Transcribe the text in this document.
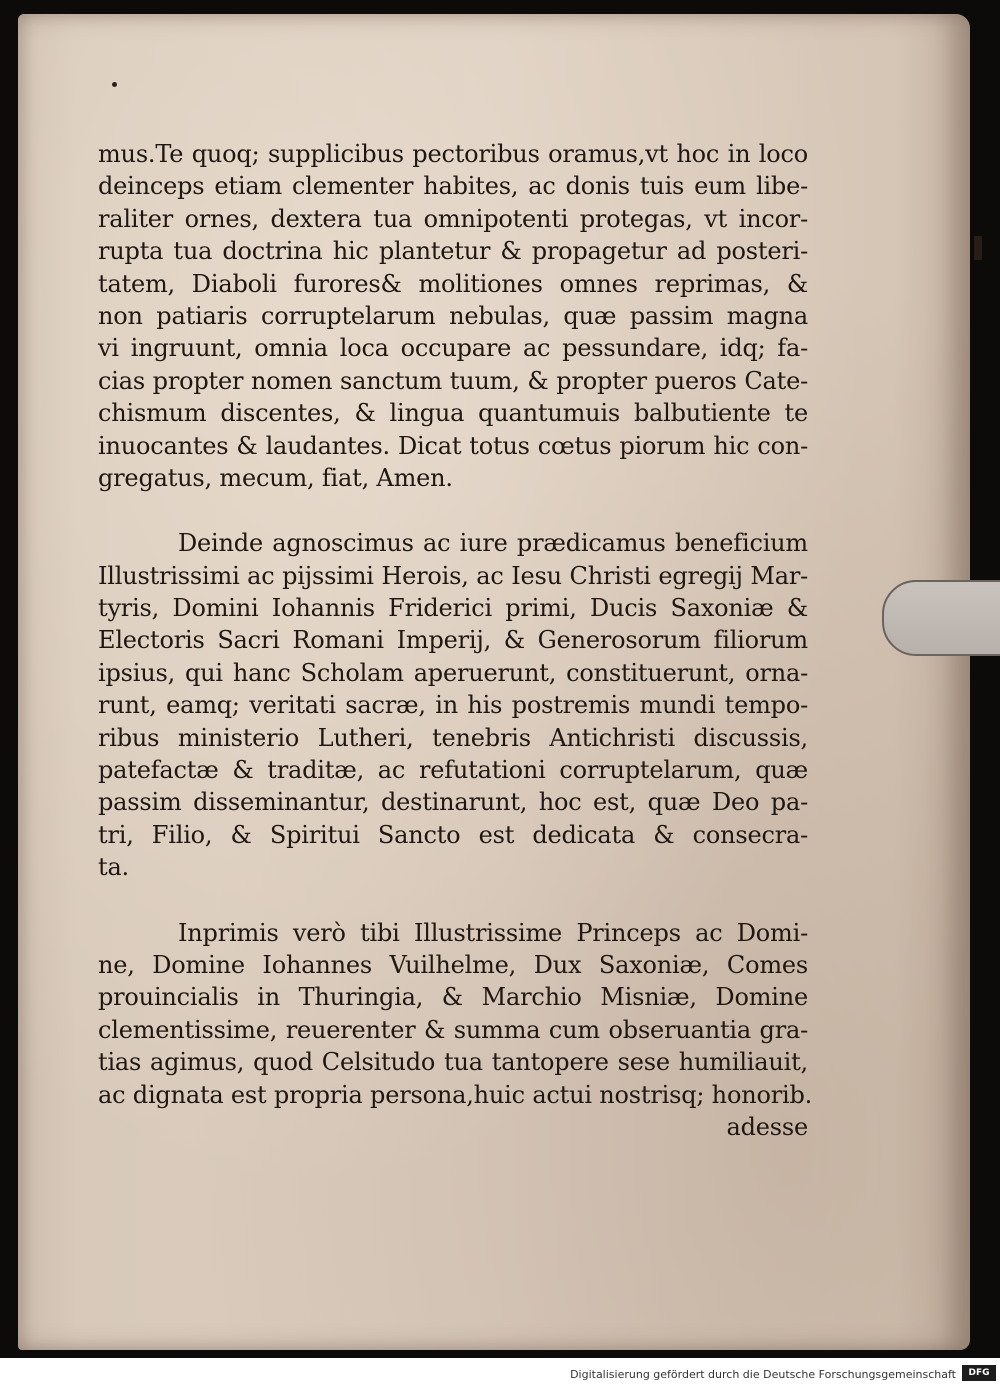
mus.Te quoq; supplicibus pectoribus oramus,vt hoc in loco
deinceps etiam clementer habites, ac donis tuis eum libe-
raliter ornes, dextera tua omnipotenti protegas, vt incor-
rupta tua doctrina hic plantetur & propagetur ad posteri-
tatem, Diaboli furores& molitiones omnes reprimas, &
non patiaris corruptelarum nebulas, quæ passim magna
vi ingruunt, omnia loca occupare ac pessundare, idq; fa-
cias propter nomen sanctum tuum, & propter pueros Cate-
chismum discentes, & lingua quantumuis balbutiente te
inuocantes & laudantes. Dicat totus cœtus piorum hic con-
gregatus, mecum, fiat, Amen.
Deinde agnoscimus ac iure prædicamus beneficium
Illustrissimi ac pijssimi Herois, ac Iesu Christi egregij Mar-
tyris, Domini Iohannis Friderici primi, Ducis Saxoniæ &
Electoris Sacri Romani Imperij, & Generosorum filiorum
ipsius, qui hanc Scholam aperuerunt, constituerunt, orna-
runt, eamq; veritati sacræ, in his postremis mundi tempo-
ribus ministerio Lutheri, tenebris Antichristi discussis,
patefactæ & traditæ, ac refutationi corruptelarum, quæ
passim disseminantur, destinarunt, hoc est, quæ Deo pa-
tri, Filio, & Spiritui Sancto est dedicata & consecra-
ta.
Inprimis verò tibi Illustrissime Princeps ac Domi-
ne, Domine Iohannes Vuilhelme, Dux Saxoniæ, Comes
prouincialis in Thuringia, & Marchio Misniæ, Domine
clementissime, reuerenter & summa cum obseruantia gra-
tias agimus, quod Celsitudo tua tantopere sese humiliauit,
ac dignata est propria persona,huic actui nostrisq; honorib.
adesse
Digitalisierung gefördert durch die Deutsche Forschungsgemeinschaft	DFG
